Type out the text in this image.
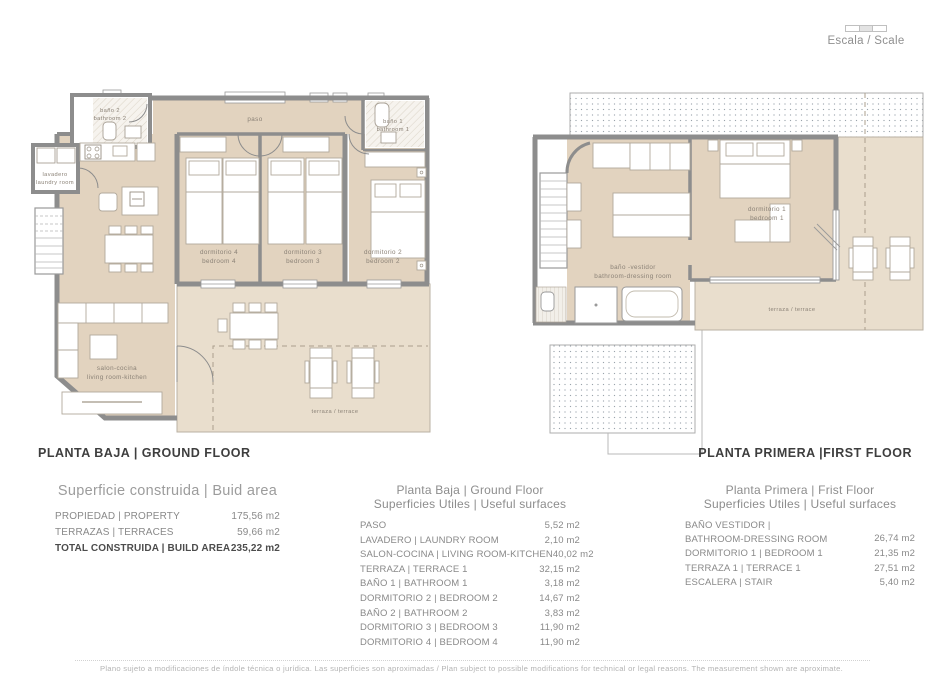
Escala / Scale
baño 2
bathroom 2	paso	baño 1
bathroom 1
lavadero
laundry room
dormitorio 4
bedroom 4
dormitorio 3
bedroom 3
dormitorio 2
bedroom 2
salon-cocina
living room-kitchen
terraza / terrace
baño -vestidor
bathroom-dressing room
dormitorio 1
bedroom 1
terraza / terrace
PLANTA BAJA | GROUND FLOOR	PLANTA PRIMERA |FIRST FLOOR
Superficie construida | Buid area
PROPIEDAD | PROPERTY	175,56 m2
TERRAZAS | TERRACES	59,66 m2
TOTAL CONSTRUIDA | BUILD AREA 235,22 m2
Planta Baja | Ground Floor
Superficies Utiles | Useful surfaces
PASO	5,52 m2
LAVADERO | LAUNDRY ROOM	2,10 m2
SALON-COCINA | LIVING ROOM-KITCHEN 40,02 m2
TERRAZA | TERRACE 1	32,15 m2
BAÑO 1 | BATHROOM 1	3,18 m2
DORMITORIO 2 | BEDROOM 2	14,67 m2
BAÑO 2 | BATHROOM 2	3,83 m2
DORMITORIO 3 | BEDROOM 3	11,90 m2
DORMITORIO 4 | BEDROOM 4	11,90 m2
Planta Primera | Frist Floor
Superficies Utiles | Useful surfaces
BAÑO VESTIDOR |
BATHROOM-DRESSING ROOM	26,74 m2
DORMITORIO 1 | BEDROOM 1	21,35 m2
TERRAZA 1 | TERRACE 1	27,51 m2
ESCALERA | STAIR	5,40 m2
Plano sujeto a modificaciones de índole técnica o jurídica. Las superficies son aproximadas / Plan subject to possible modifications for technical or legal reasons. The measurement shown are aproximate.
